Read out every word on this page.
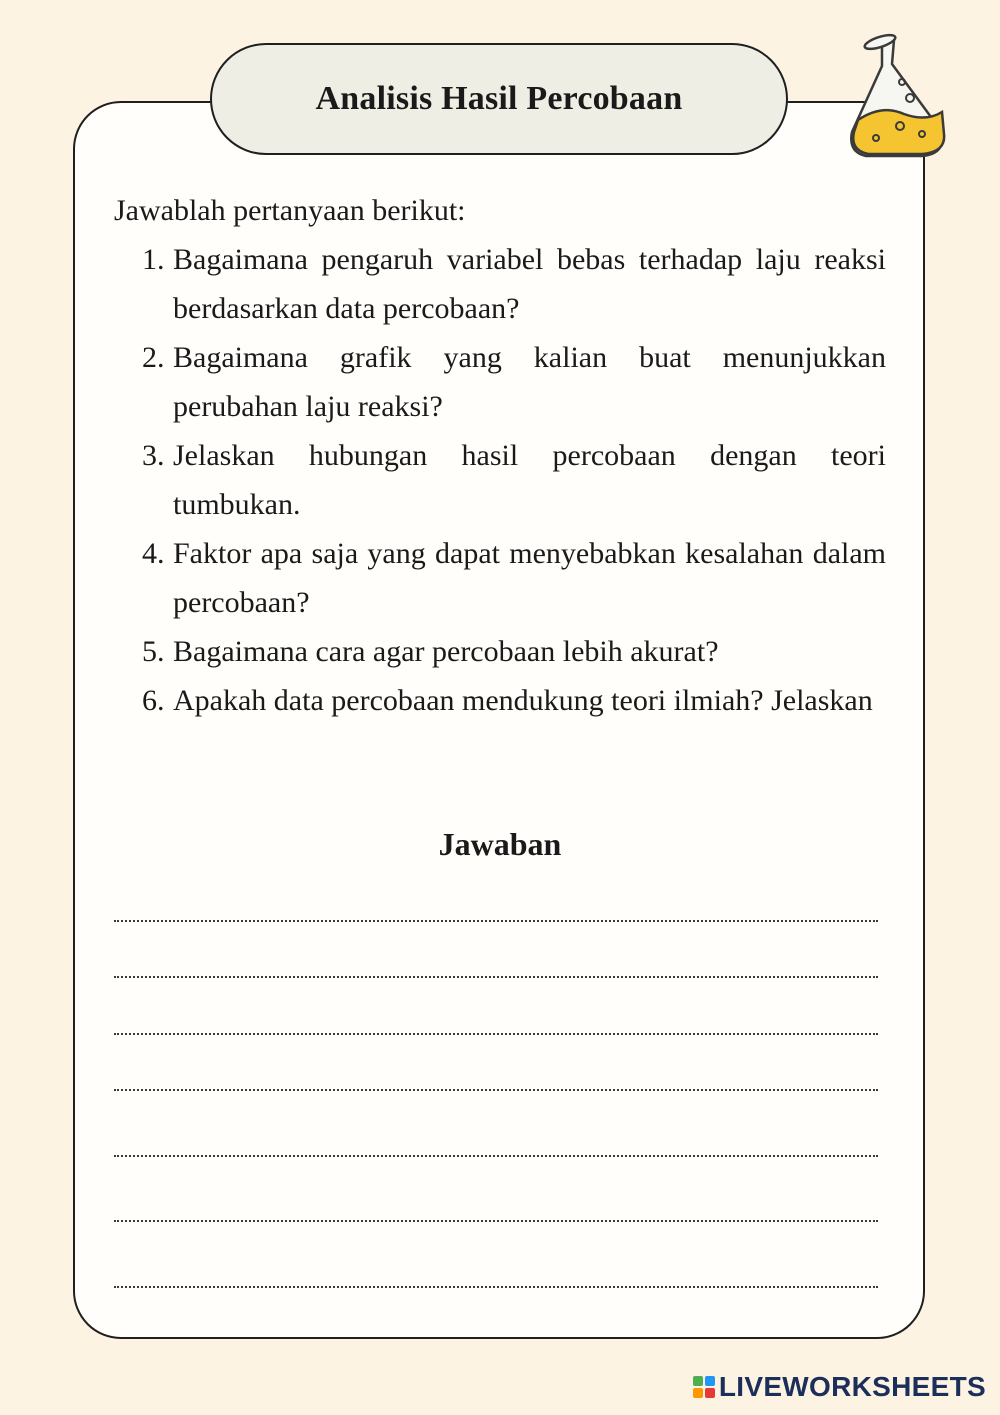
Analisis Hasil Percobaan

Jawablah pertanyaan berikut:

1. Bagaimana pengaruh variabel bebas terhadap laju reaksi berdasarkan data percobaan?
2. Bagaimana grafik yang kalian buat menunjukkan perubahan laju reaksi?
3. Jelaskan hubungan hasil percobaan dengan teori tumbukan.
4. Faktor apa saja yang dapat menyebabkan kesalahan dalam percobaan?
5. Bagaimana cara agar percobaan lebih akurat?
6. Apakah data percobaan mendukung teori ilmiah? Jelaskan
Jawaban
LIVEWORKSHEETS
